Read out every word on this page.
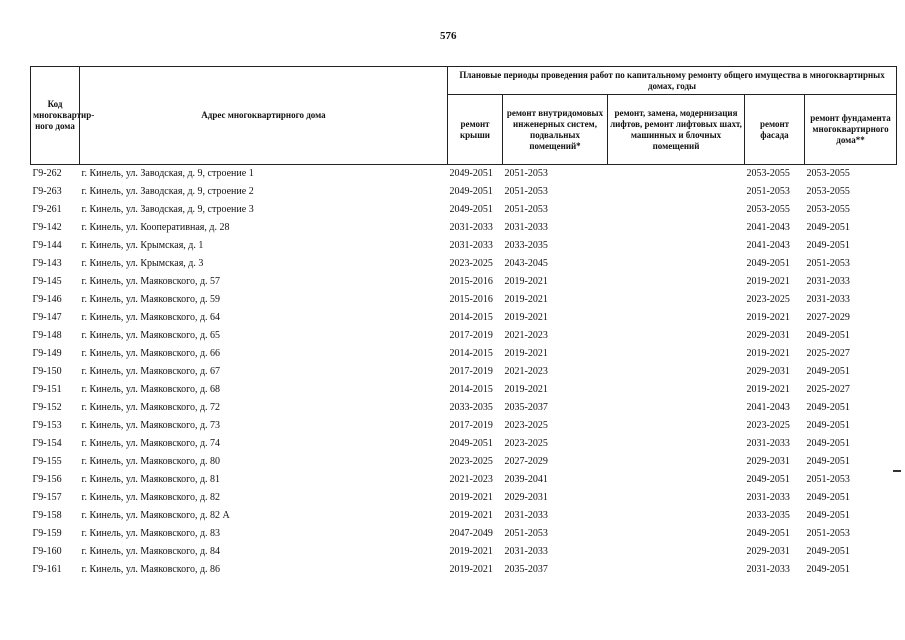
576
Код многоквартир-ного дома	Адрес многоквартирного дома	Плановые периоды проведения работ по капитальному ремонту общего имущества в многоквартирных домах, годы				
		ремонт крыши	ремонт внутридомовых инженерных систем, подвальных помещений*	ремонт, замена, модернизация лифтов, ремонт лифтовых шахт, машинных и блочных помещений	ремонт фасада	ремонт фундамента многоквартирного дома**
Г9-262	г. Кинель, ул. Заводская, д. 9, строение 1	2049-2051	2051-2053		2053-2055	2053-2055
Г9-263	г. Кинель, ул. Заводская, д. 9, строение 2	2049-2051	2051-2053		2051-2053	2053-2055
Г9-261	г. Кинель, ул. Заводская, д. 9, строение 3	2049-2051	2051-2053		2053-2055	2053-2055
Г9-142	г. Кинель, ул. Кооперативная, д. 28	2031-2033	2031-2033		2041-2043	2049-2051
Г9-144	г. Кинель, ул. Крымская, д. 1	2031-2033	2033-2035		2041-2043	2049-2051
Г9-143	г. Кинель, ул. Крымская, д. 3	2023-2025	2043-2045		2049-2051	2051-2053
Г9-145	г. Кинель, ул. Маяковского, д. 57	2015-2016	2019-2021		2019-2021	2031-2033
Г9-146	г. Кинель, ул. Маяковского, д. 59	2015-2016	2019-2021		2023-2025	2031-2033
Г9-147	г. Кинель, ул. Маяковского, д. 64	2014-2015	2019-2021		2019-2021	2027-2029
Г9-148	г. Кинель, ул. Маяковского, д. 65	2017-2019	2021-2023		2029-2031	2049-2051
Г9-149	г. Кинель, ул. Маяковского, д. 66	2014-2015	2019-2021		2019-2021	2025-2027
Г9-150	г. Кинель, ул. Маяковского, д. 67	2017-2019	2021-2023		2029-2031	2049-2051
Г9-151	г. Кинель, ул. Маяковского, д. 68	2014-2015	2019-2021		2019-2021	2025-2027
Г9-152	г. Кинель, ул. Маяковского, д. 72	2033-2035	2035-2037		2041-2043	2049-2051
Г9-153	г. Кинель, ул. Маяковского, д. 73	2017-2019	2023-2025		2023-2025	2049-2051
Г9-154	г. Кинель, ул. Маяковского, д. 74	2049-2051	2023-2025		2031-2033	2049-2051
Г9-155	г. Кинель, ул. Маяковского, д. 80	2023-2025	2027-2029		2029-2031	2049-2051
Г9-156	г. Кинель, ул. Маяковского, д. 81	2021-2023	2039-2041		2049-2051	2051-2053
Г9-157	г. Кинель, ул. Маяковского, д. 82	2019-2021	2029-2031		2031-2033	2049-2051
Г9-158	г. Кинель, ул. Маяковского, д. 82 А	2019-2021	2031-2033		2033-2035	2049-2051
Г9-159	г. Кинель, ул. Маяковского, д. 83	2047-2049	2051-2053		2049-2051	2051-2053
Г9-160	г. Кинель, ул. Маяковского, д. 84	2019-2021	2031-2033		2029-2031	2049-2051
Г9-161	г. Кинель, ул. Маяковского, д. 86	2019-2021	2035-2037		2031-2033	2049-2051
